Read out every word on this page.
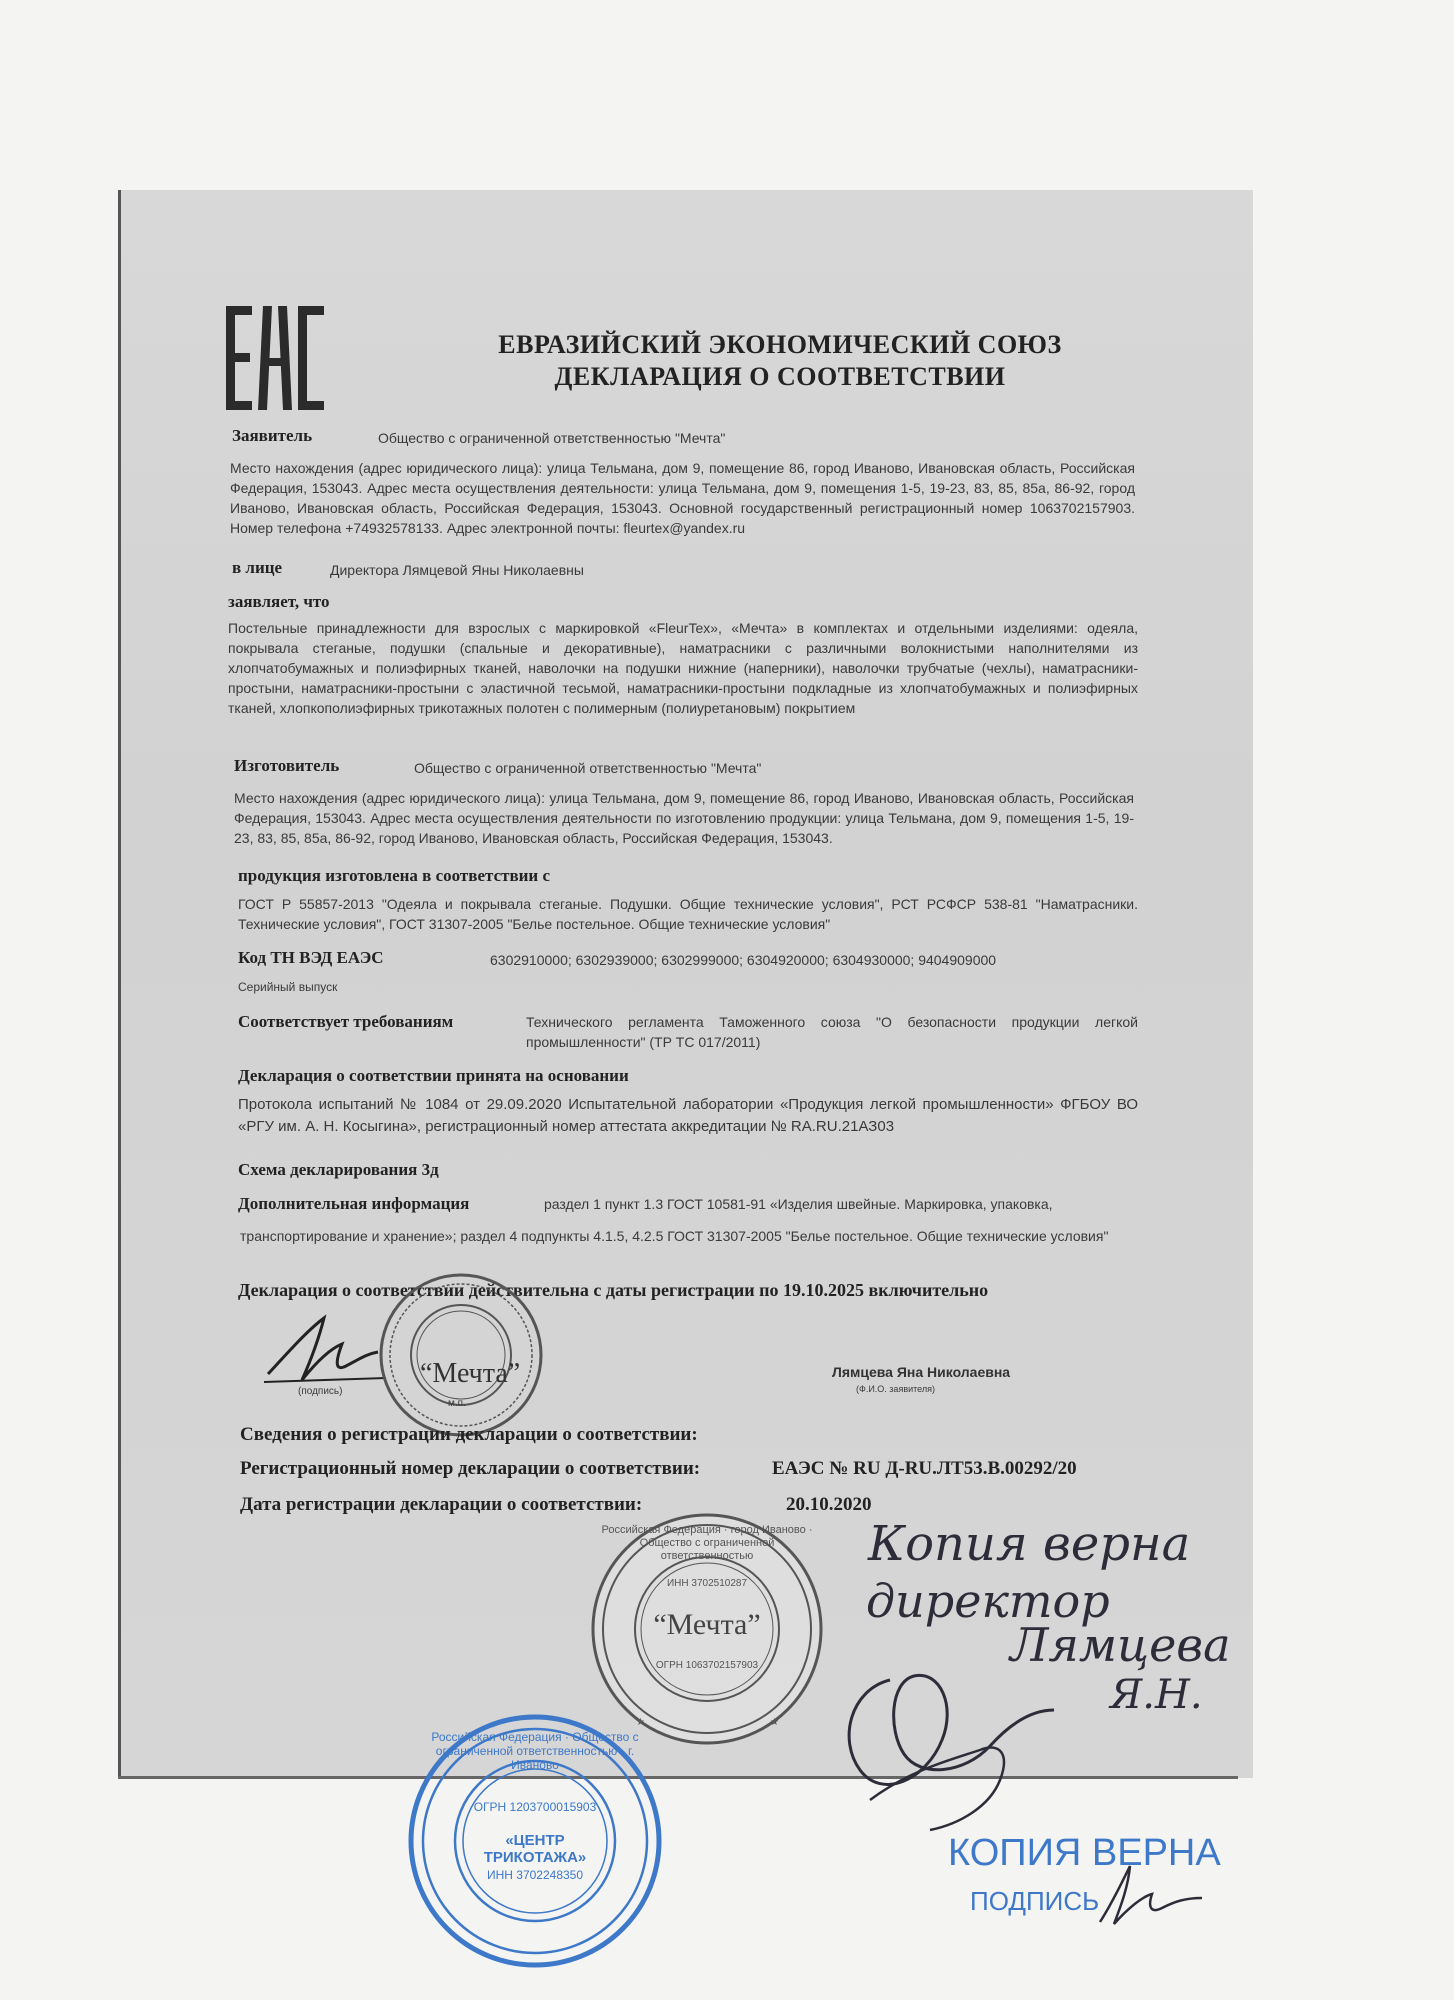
ЕВРАЗИЙСКИЙ ЭКОНОМИЧЕСКИЙ СОЮЗ
ДЕКЛАРАЦИЯ О СООТВЕТСТВИИ
Заявитель	Общество с ограниченной ответственностью "Мечта"
Место нахождения (адрес юридического лица): улица Тельмана, дом 9, помещение 86, город Иваново, Ивановская область, Российская Федерация, 153043. Адрес места осуществления деятельности: улица Тельмана, дом 9, помещения 1-5, 19-23, 83, 85, 85а, 86-92, город Иваново, Ивановская область, Российская Федерация, 153043. Основной государственный регистрационный номер 1063702157903. Номер телефона +74932578133. Адрес электронной почты: fleurtex@yandex.ru
в лице	Директора Лямцевой Яны Николаевны
заявляет, что
Постельные принадлежности для взрослых с маркировкой «FleurTex», «Мечта» в комплектах и отдельными изделиями: одеяла, покрывала стеганые, подушки (спальные и декоративные), наматрасники с различными волокнистыми наполнителями из хлопчатобумажных и полиэфирных тканей, наволочки на подушки нижние (наперники), наволочки трубчатые (чехлы), наматрасники-простыни, наматрасники-простыни с эластичной тесьмой, наматрасники-простыни подкладные из хлопчатобумажных и полиэфирных тканей, хлопкополиэфирных трикотажных полотен с полимерным (полиуретановым) покрытием
Изготовитель	Общество с ограниченной ответственностью "Мечта"
Место нахождения (адрес юридического лица): улица Тельмана, дом 9, помещение 86, город Иваново, Ивановская область, Российская Федерация, 153043. Адрес места осуществления деятельности по изготовлению продукции: улица Тельмана, дом 9, помещения 1-5, 19-23, 83, 85, 85а, 86-92, город Иваново, Ивановская область, Российская Федерация, 153043.
продукция изготовлена в соответствии с
ГОСТ Р 55857-2013 "Одеяла и покрывала стеганые. Подушки. Общие технические условия", РСТ РСФСР 538-81 "Наматрасники. Технические условия", ГОСТ 31307-2005 "Белье постельное. Общие технические условия"
Код ТН ВЭД ЕАЭС	6302910000; 6302939000; 6302999000; 6304920000; 6304930000; 9404909000
Серийный выпуск
Соответствует требованиям	Технического регламента Таможенного союза "О безопасности продукции легкой промышленности" (ТР ТС 017/2011)
Декларация о соответствии принята на основании
Протокола испытаний № 1084 от 29.09.2020 Испытательной лаборатории «Продукция легкой промышленности» ФГБОУ ВО «РГУ им. А. Н. Косыгина», регистрационный номер аттестата аккредитации № RA.RU.21АЗ03
Схема декларирования 3д
Дополнительная информация	раздел 1 пункт 1.3 ГОСТ 10581-91 «Изделия швейные. Маркировка, упаковка,
транспортирование и хранение»; раздел 4 подпункты 4.1.5, 4.2.5 ГОСТ 31307-2005 "Белье постельное. Общие технические условия"
Декларация о соответствии действительна с даты регистрации по 19.10.2025 включительно
(подпись)
“Мечта”
м.п.
Лямцева Яна Николаевна
(Ф.И.О. заявителя)
Сведения о регистрации декларации о соответствии:
Регистрационный номер декларации о соответствии:	ЕАЭС № RU Д-RU.ЛТ53.В.00292/20
Дата регистрации декларации о соответствии:	20.10.2020
★	★
Российская Федерация · город Иваново · Общество с ограниченной ответственностью
ИНН 3702510287
“Мечта”
ОГРН 1063702157903
Копия верна
директор
Лямцева
Я.Н.
Российская Федерация · Общество с ограниченной ответственностью · г. Иваново
ОГРН 1203700015903
«ЦЕНТР ТРИКОТАЖА»
ИНН 3702248350
КОПИЯ ВЕРНА
ПОДПИСЬ
